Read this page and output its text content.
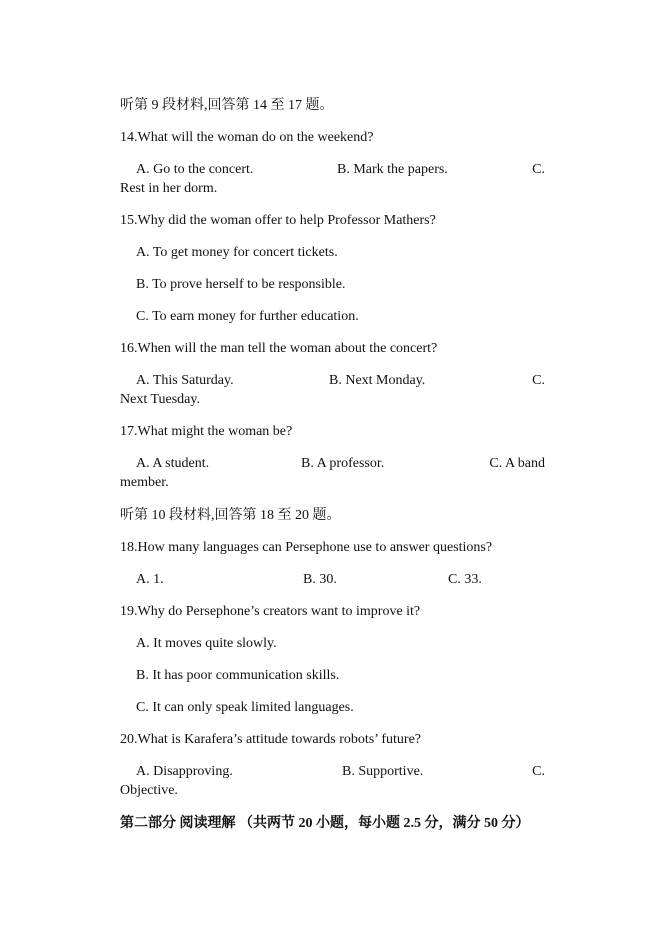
听第 9 段材料,回答第 14 至 17 题。
14.What will the woman do on the weekend?
A. Go to the concert.	B. Mark the papers.	C.
Rest in her dorm.
15.Why did the woman offer to help Professor Mathers?
A. To get money for concert tickets.
B. To prove herself to be responsible.
C. To earn money for further education.
16.When will the man tell the woman about the concert?
A. This Saturday.	B. Next Monday.	C.
Next Tuesday.
17.What might the woman be?
A. A student.	B. A professor.	C. A band
member.
听第 10 段材料,回答第 18 至 20 题。
18.How many languages can Persephone use to answer questions?
A. 1.	B. 30.	C. 33.
19.Why do Persephone’s creators want to improve it?
A. It moves quite slowly.
B. It has poor communication skills.
C. It can only speak limited languages.
20.What is Karafera’s attitude towards robots’ future?
A. Disapproving.	B. Supportive.	C.
Objective.
第二部分 阅读理解 （共两节 20 小题，每小题 2.5 分，满分 50 分）
